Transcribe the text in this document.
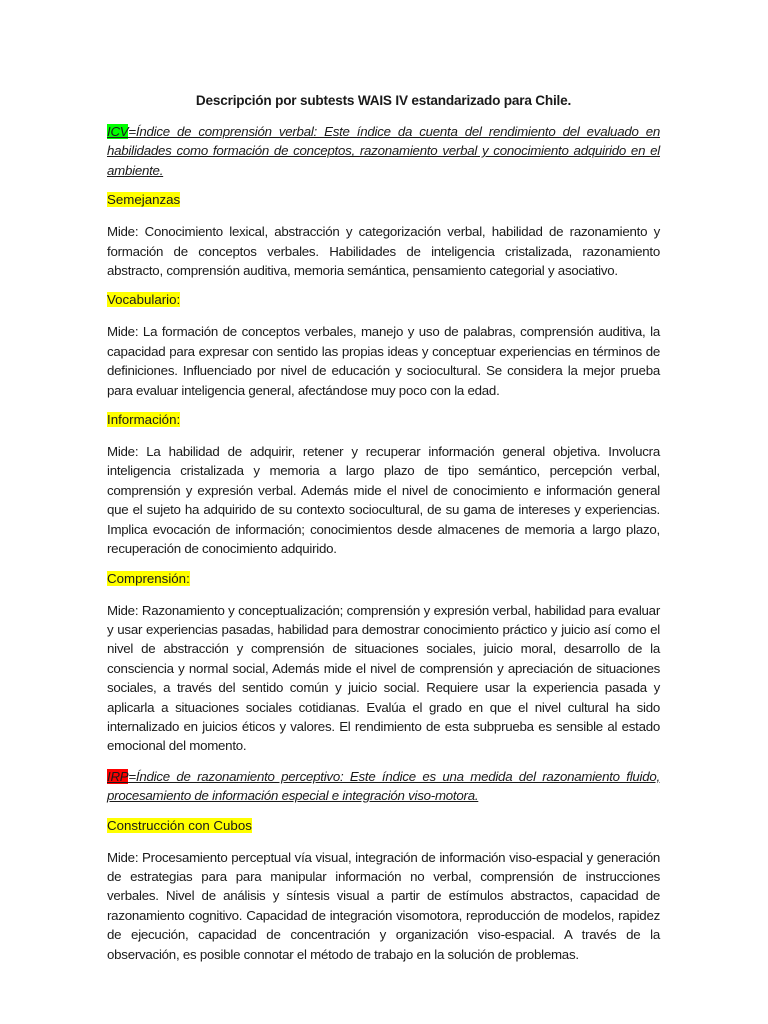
Descripción por subtests WAIS IV estandarizado para Chile.

ICV=Índice de comprensión verbal: Este índice da cuenta del rendimiento del evaluado en habilidades como formación de conceptos, razonamiento verbal y conocimiento adquirido en el ambiente.

Semejanzas

Mide: Conocimiento lexical, abstracción y categorización verbal, habilidad de razonamiento y formación de conceptos verbales. Habilidades de inteligencia cristalizada, razonamiento abstracto, comprensión auditiva, memoria semántica, pensamiento categorial y asociativo.

Vocabulario:

Mide: La formación de conceptos verbales, manejo y uso de palabras, comprensión auditiva, la capacidad para expresar con sentido las propias ideas y conceptuar experiencias en términos de definiciones. Influenciado por nivel de educación y sociocultural. Se considera la mejor prueba para evaluar inteligencia general, afectándose muy poco con la edad.

Información:

Mide: La habilidad de adquirir, retener y recuperar información general objetiva. Involucra inteligencia cristalizada y memoria a largo plazo de tipo semántico, percepción verbal, comprensión y expresión verbal. Además mide el nivel de conocimiento e información general que el sujeto ha adquirido de su contexto sociocultural, de su gama de intereses y experiencias. Implica evocación de información; conocimientos desde almacenes de memoria a largo plazo, recuperación de conocimiento adquirido.

Comprensión:

Mide: Razonamiento y conceptualización; comprensión y expresión verbal, habilidad para evaluar y usar experiencias pasadas, habilidad para demostrar conocimiento práctico y juicio así como el nivel de abstracción y comprensión de situaciones sociales, juicio moral, desarrollo de la consciencia y normal social, Además mide el nivel de comprensión y apreciación de situaciones sociales, a través del sentido común y juicio social. Requiere usar la experiencia pasada y aplicarla a situaciones sociales cotidianas. Evalúa el grado en que el nivel cultural ha sido internalizado en juicios éticos y valores. El rendimiento de esta subprueba es sensible al estado emocional del momento.

IRP=Índice de razonamiento perceptivo: Este índice es una medida del razonamiento fluido, procesamiento de información especial e integración viso-motora.

Construcción con Cubos

Mide: Procesamiento perceptual vía visual, integración de información viso-espacial y generación de estrategias para para manipular información no verbal, comprensión de instrucciones verbales. Nivel de análisis y síntesis visual a partir de estímulos abstractos, capacidad de razonamiento cognitivo. Capacidad de integración visomotora, reproducción de modelos, rapidez de ejecución, capacidad de concentración y organización viso-espacial. A través de la observación, es posible connotar el método de trabajo en la solución de problemas.
